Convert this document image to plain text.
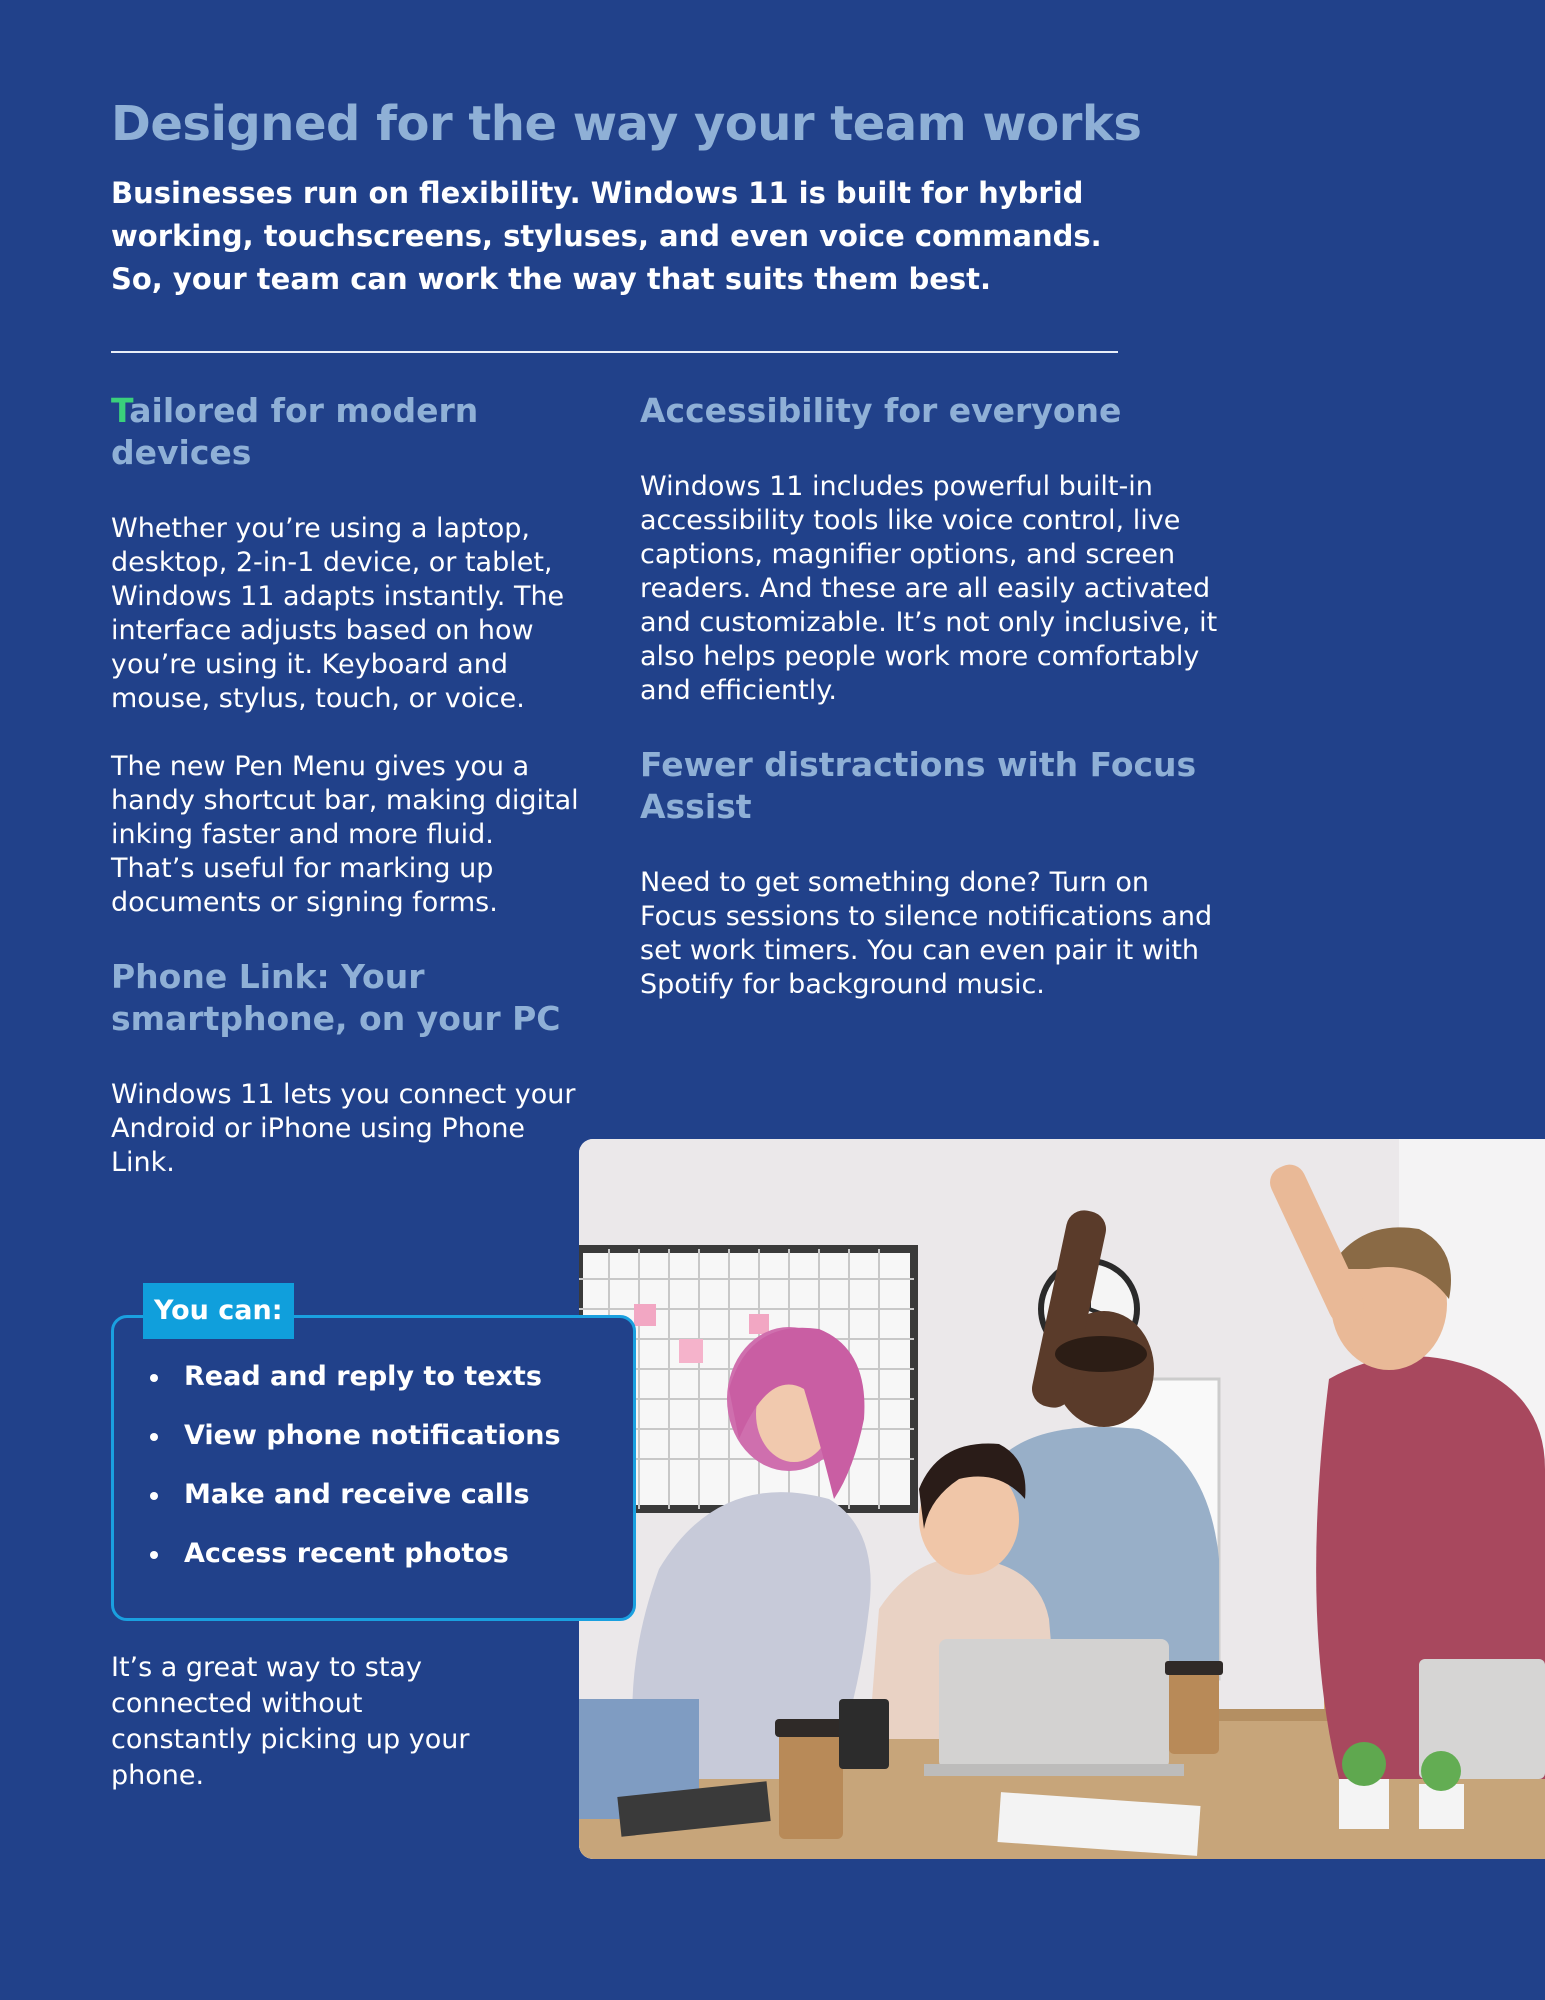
Designed for the way your team works

Businesses run on flexibility. Windows 11 is built for hybrid working, touchscreens, styluses, and even voice commands. So, your team can work the way that suits them best.

Tailored for modern devices

Whether you’re using a laptop, desktop, 2-in-1 device, or tablet, Windows 11 adapts instantly. The interface adjusts based on how you’re using it. Keyboard and mouse, stylus, touch, or voice.

The new Pen Menu gives you a handy shortcut bar, making digital inking faster and more fluid. That’s useful for marking up documents or signing forms.

Phone Link: Your smartphone, on your PC

Windows 11 lets you connect your Android or iPhone using Phone Link.

Accessibility for everyone

Windows 11 includes powerful built-in accessibility tools like voice control, live captions, magnifier options, and screen readers. And these are all easily activated and customizable. It’s not only inclusive, it also helps people work more comfortably and efficiently.

Fewer distractions with Focus Assist

Need to get something done? Turn on Focus sessions to silence notifications and set work timers. You can even pair it with Spotify for background music.

You can:
Read and reply to texts
View phone notifications
Make and receive calls
Access recent photos

It’s a great way to stay connected without constantly picking up your phone.
